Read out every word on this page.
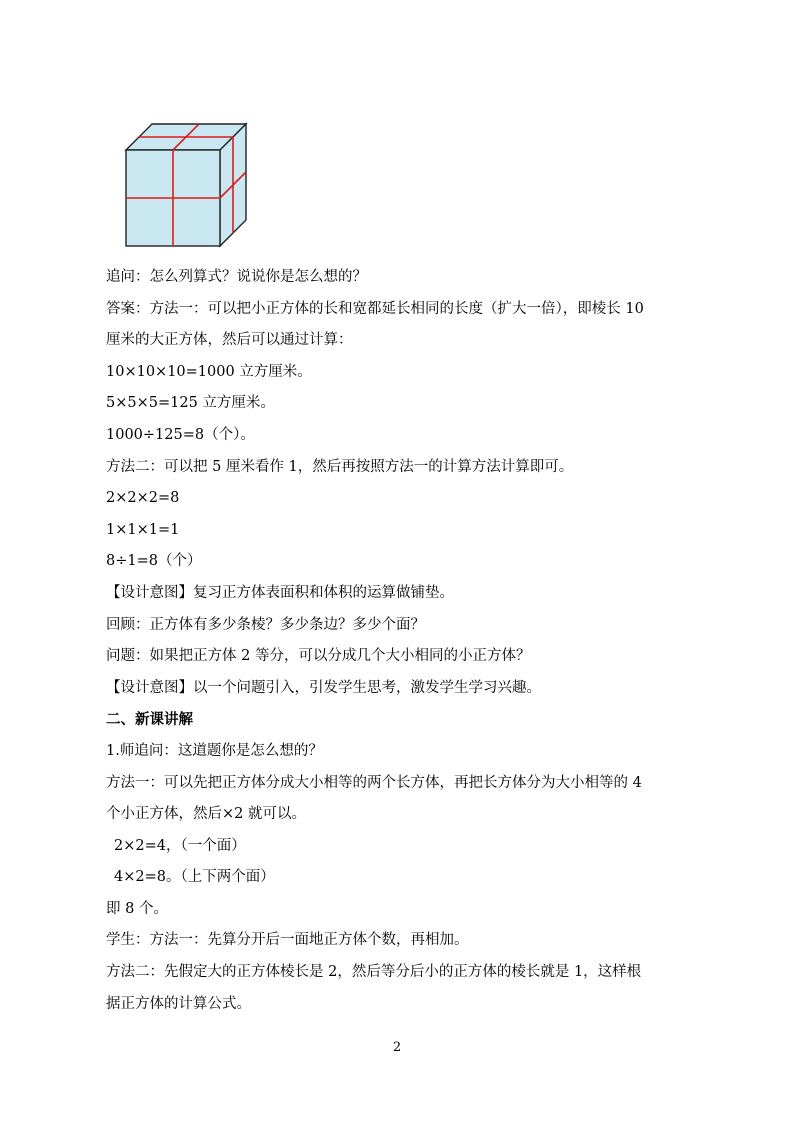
追问：怎么列算式？说说你是怎么想的？
答案：方法一：可以把小正方体的长和宽都延长相同的长度（扩大一倍），即棱长 10
厘米的大正方体，然后可以通过计算：
10×10×10=1000 立方厘米。
5×5×5=125 立方厘米。
1000÷125=8（个）。
方法二：可以把 5 厘米看作 1，然后再按照方法一的计算方法计算即可。
2×2×2=8
1×1×1=1
8÷1=8（个）
【设计意图】复习正方体表面积和体积的运算做铺垫。
回顾：正方体有多少条棱？多少条边？多少个面？
问题：如果把正方体 2 等分，可以分成几个大小相同的小正方体？
【设计意图】以一个问题引入，引发学生思考，激发学生学习兴趣。
二、新课讲解
1.师追问：这道题你是怎么想的？
方法一：可以先把正方体分成大小相等的两个长方体，再把长方体分为大小相等的 4
个小正方体，然后×2 就可以。
2×2=4，（一个面）
4×2=8。（上下两个面）
即 8 个。
学生：方法一：先算分开后一面地正方体个数，再相加。
方法二：先假定大的正方体棱长是 2，然后等分后小的正方体的棱长就是 1，这样根
据正方体的计算公式。
2
